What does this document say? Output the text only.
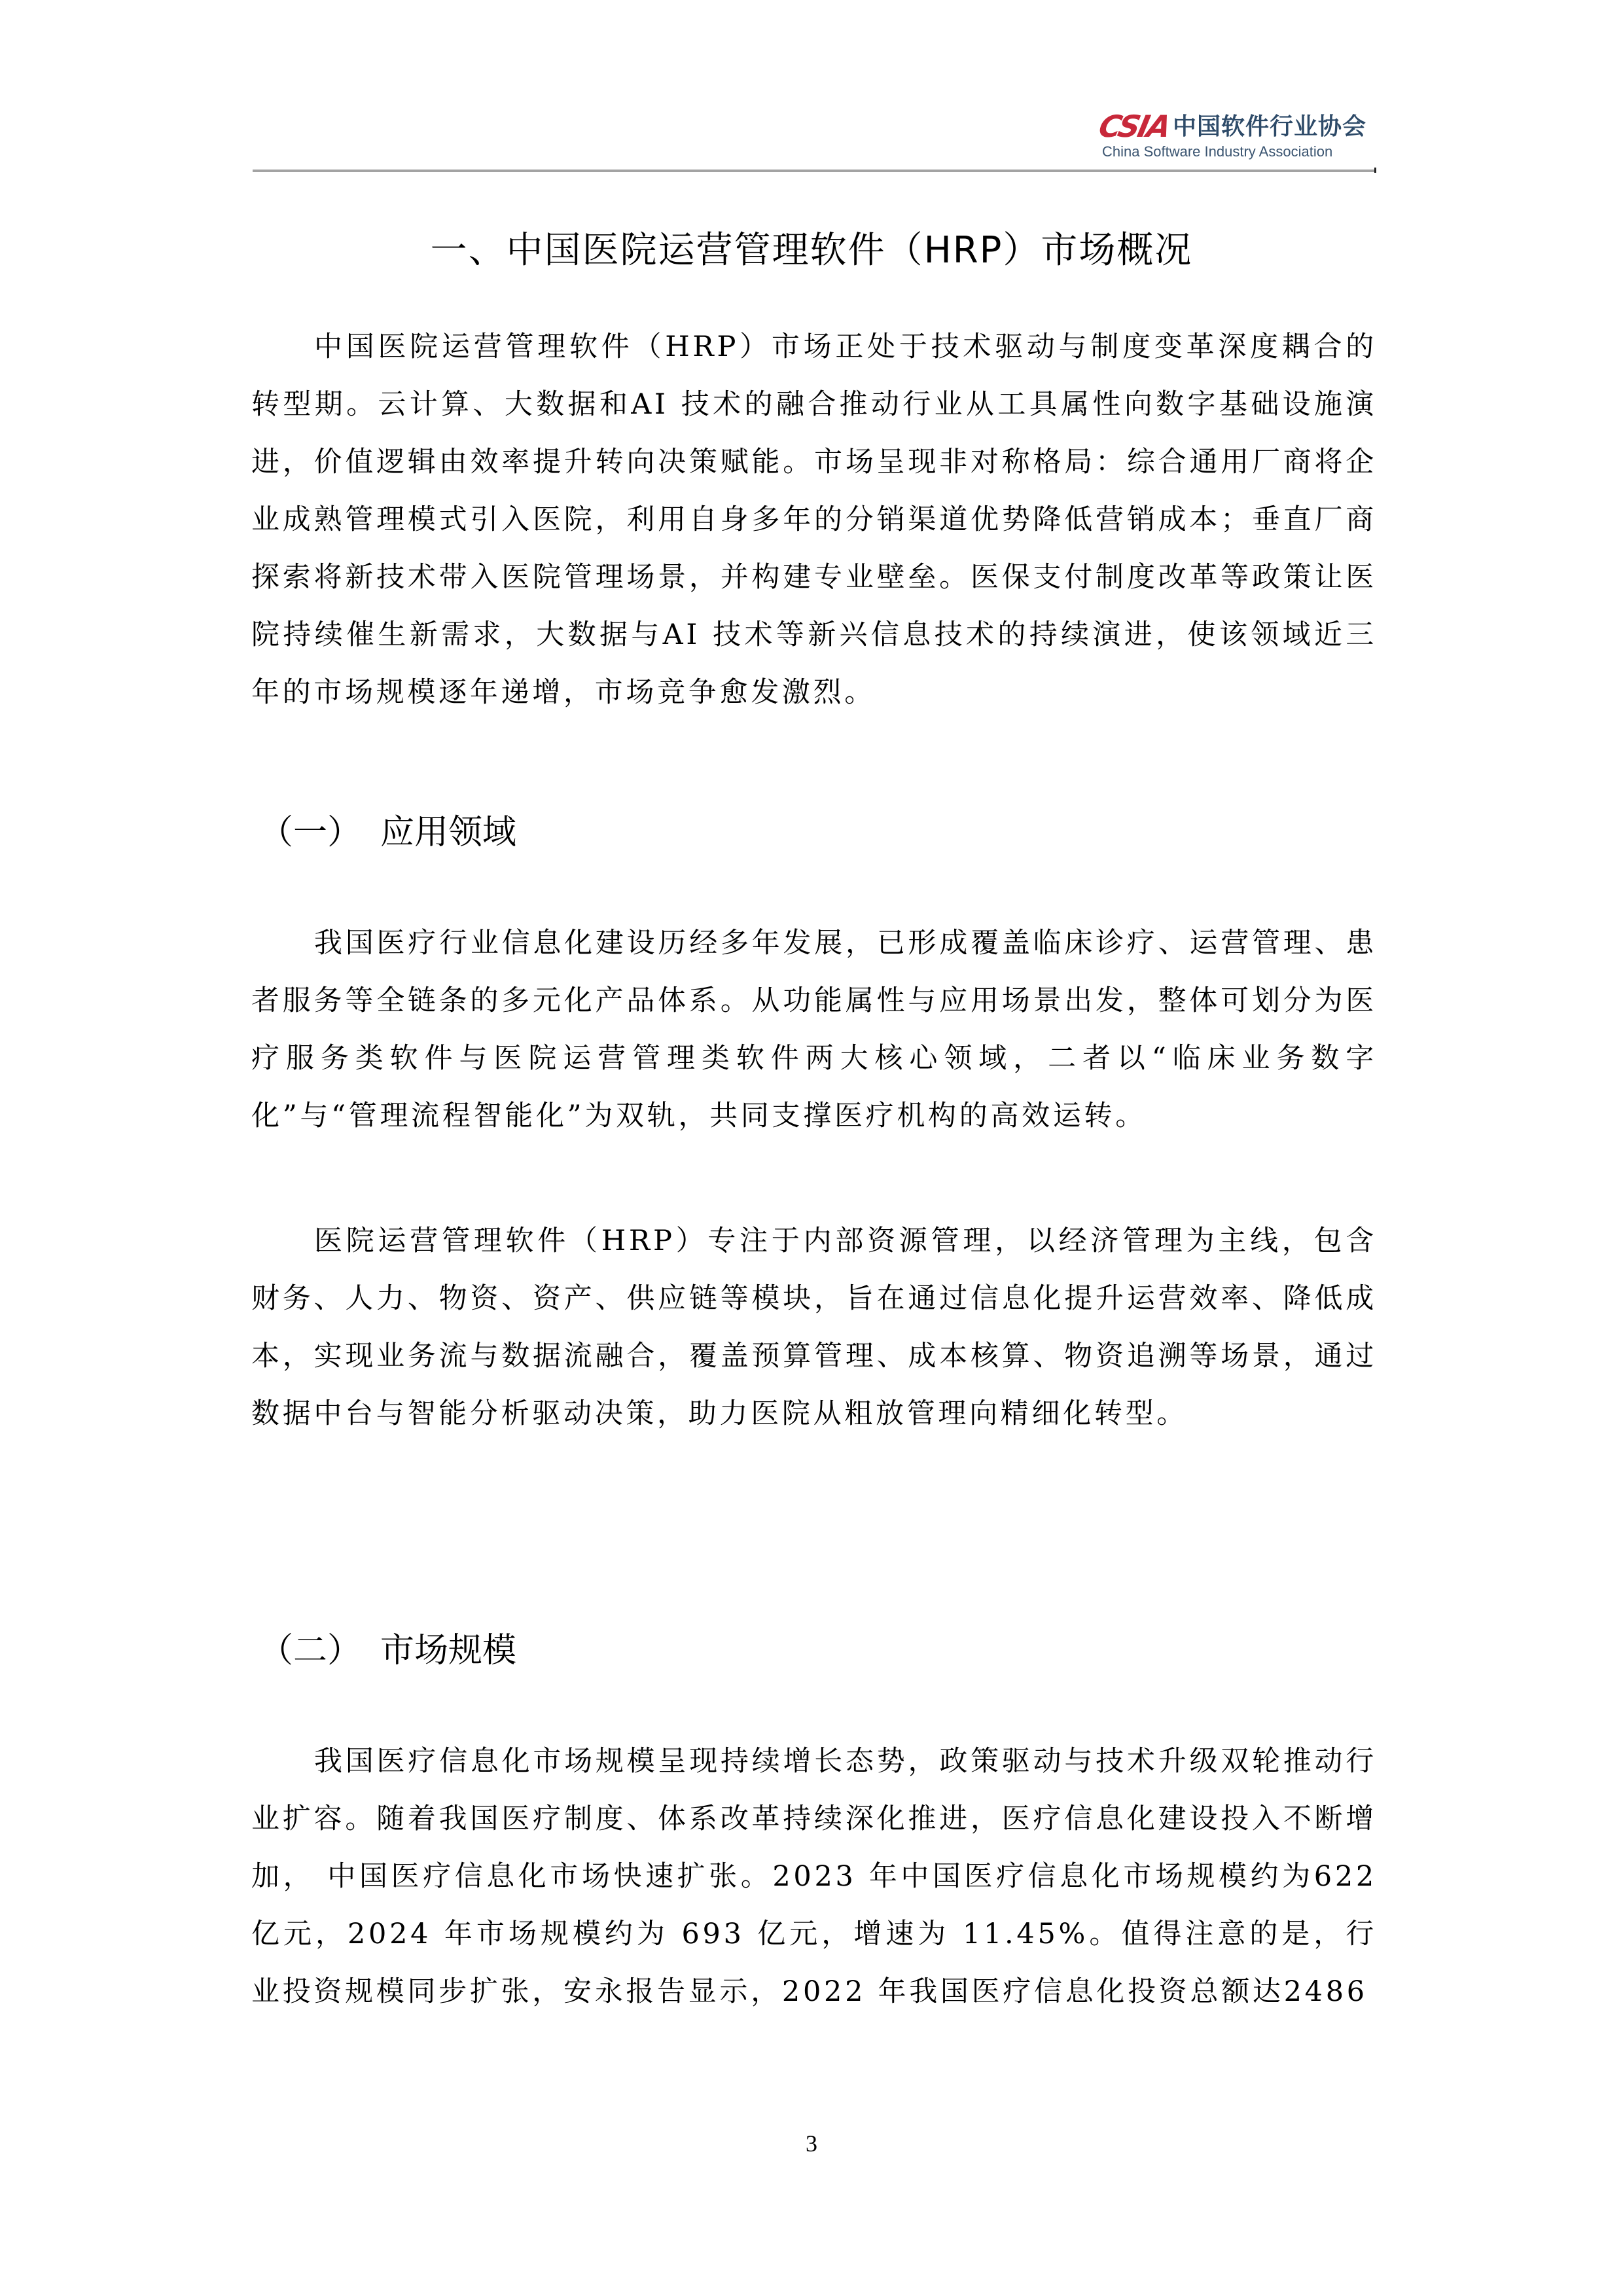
CSIA 中国软件行业协会
China Software Industry Association
一、中国医院运营管理软件（HRP）市场概况

中国医院运营管理软件（HRP）市场正处于技术驱动与制度变革深度耦合的转型期。云计算、大数据和AI 技术的融合推动行业从工具属性向数字基础设施演进，价值逻辑由效率提升转向决策赋能。市场呈现非对称格局：综合通用厂商将企业成熟管理模式引入医院，利用自身多年的分销渠道优势降低营销成本；垂直厂商探索将新技术带入医院管理场景，并构建专业壁垒。医保支付制度改革等政策让医院持续催生新需求，大数据与AI 技术等新兴信息技术的持续演进，使该领域近三年的市场规模逐年递增，市场竞争愈发激烈。

（一） 应用领域

我国医疗行业信息化建设历经多年发展，已形成覆盖临床诊疗、运营管理、患者服务等全链条的多元化产品体系。从功能属性与应用场景出发，整体可划分为医疗服务类软件与医院运营管理类软件两大核心领域，二者以“临床业务数字化”与“管理流程智能化”为双轨，共同支撑医疗机构的高效运转。

医院运营管理软件（HRP）专注于内部资源管理，以经济管理为主线，包含财务、人力、物资、资产、供应链等模块，旨在通过信息化提升运营效率、降低成本，实现业务流与数据流融合，覆盖预算管理、成本核算、物资追溯等场景，通过数据中台与智能分析驱动决策，助力医院从粗放管理向精细化转型。

（二） 市场规模

我国医疗信息化市场规模呈现持续增长态势，政策驱动与技术升级双轮推动行业扩容。随着我国医疗制度、体系改革持续深化推进，医疗信息化建设投入不断增加， 中国医疗信息化市场快速扩张。2023 年中国医疗信息化市场规模约为622 亿元，2024 年市场规模约为 693 亿元，增速为 11.45%。值得注意的是，行业投资规模同步扩张，安永报告显示，2022 年我国医疗信息化投资总额达2486

3
